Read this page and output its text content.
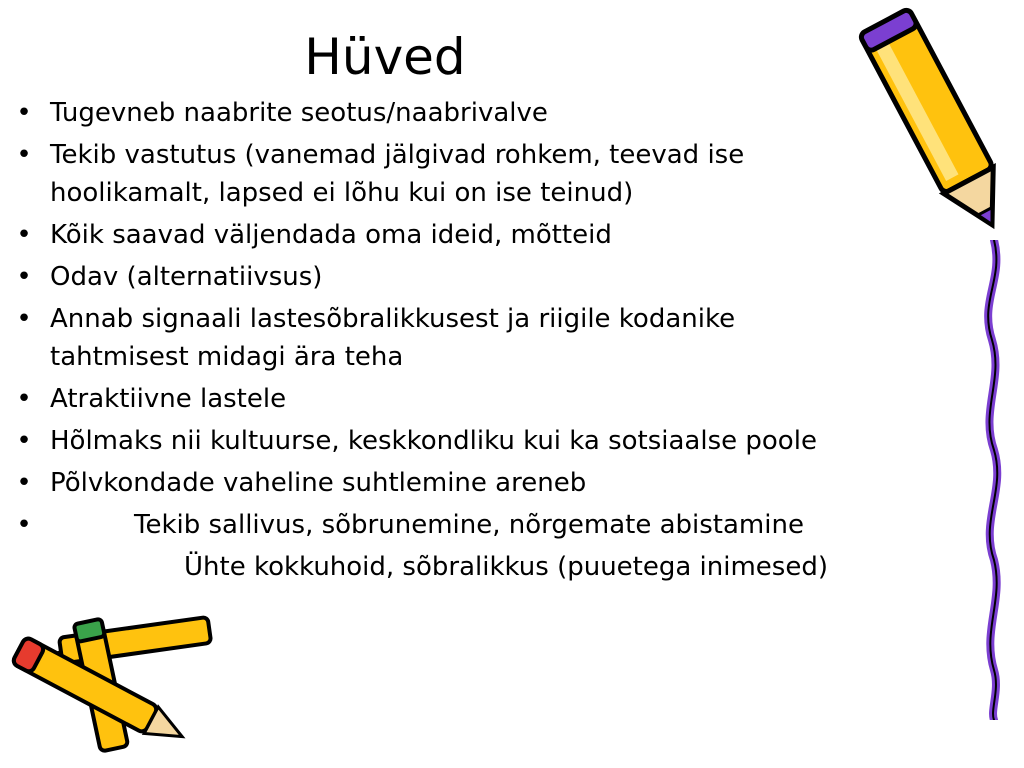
Hüved
• Tugevneb naabrite seotus/naabrivalve
• Tekib vastutus (vanemad jälgivad rohkem, teevad ise hoolikamalt, lapsed ei lõhu kui on ise teinud)
• Kõik saavad väljendada oma ideid, mõtteid
• Odav (alternatiivsus)
• Annab signaali lastesõbralikkusest ja riigile kodanike tahtmisest midagi ära teha
• Atraktiivne lastele
• Hõlmaks nii kultuurse, keskkondliku kui ka sotsiaalse poole
• Põlvkondade vaheline suhtlemine areneb
•	Tekib sallivus, sõbrunemine, nõrgemate abistamine
Ühte kokkuhoid, sõbralikkus (puuetega inimesed)
